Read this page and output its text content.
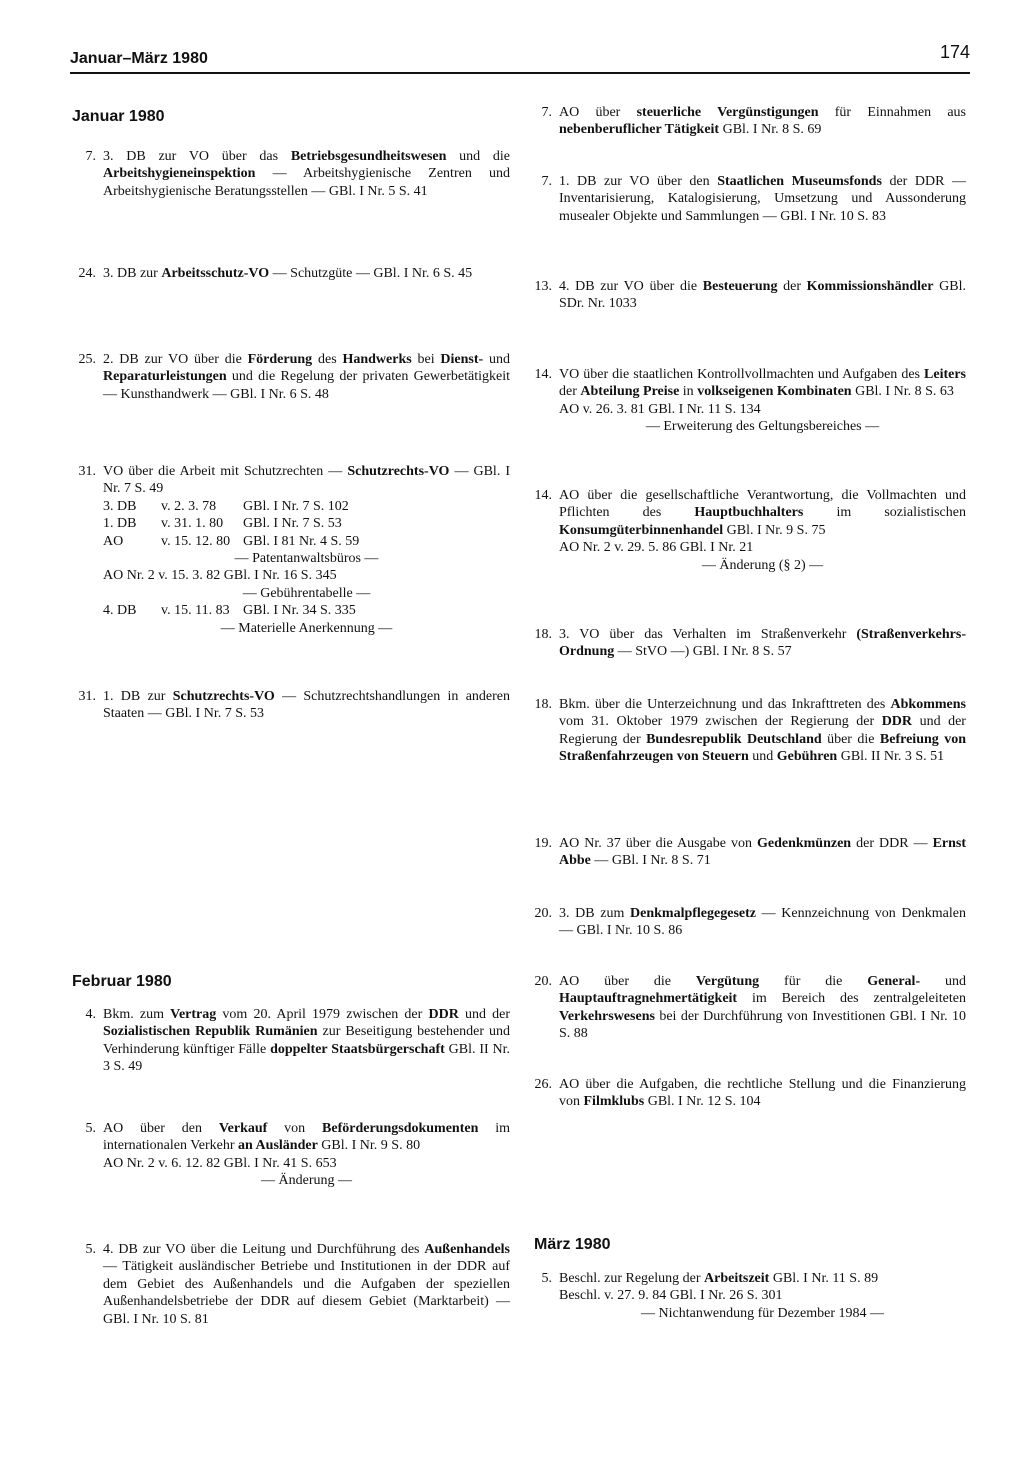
Januar–März 1980	174
Januar 1980
7. 3. DB zur VO über das Betriebsgesundheitswesen und die Arbeitshygieneinspektion — Arbeitshygienische Zentren und Arbeitshygienische Beratungsstellen — GBl. I Nr. 5 S. 41
24. 3. DB zur Arbeitsschutz-VO — Schutzgüte — GBl. I Nr. 6 S. 45
25. 2. DB zur VO über die Förderung des Handwerks bei Dienst- und Reparaturleistungen und die Regelung der privaten Gewerbetätigkeit — Kunsthandwerk — GBl. I Nr. 6 S. 48
31. VO über die Arbeit mit Schutzrechten — Schutzrechts-VO — GBl. I Nr. 7 S. 49
3. DB	v. 2. 3. 78	GBl. I Nr. 7 S. 102
1. DB	v. 31. 1. 80	GBl. I Nr. 7 S. 53
AO	v. 15. 12. 80 GBl. I 81 Nr. 4 S. 59
— Patentanwaltsbüros —
AO Nr. 2 v. 15. 3. 82 GBl. I Nr. 16 S. 345
— Gebührentabelle —
4. DB	v. 15. 11. 83 GBl. I Nr. 34 S. 335
— Materielle Anerkennung —
31. 1. DB zur Schutzrechts-VO — Schutzrechtshandlungen in anderen Staaten — GBl. I Nr. 7 S. 53
Februar 1980
4. Bkm. zum Vertrag vom 20. April 1979 zwischen der DDR und der Sozialistischen Republik Rumänien zur Beseitigung bestehender und Verhinderung künftiger Fälle doppelter Staatsbürgerschaft GBl. II Nr. 3 S. 49
5. AO über den Verkauf von Beförderungsdokumenten im internationalen Verkehr an Ausländer GBl. I Nr. 9 S. 80
AO Nr. 2 v. 6. 12. 82 GBl. I Nr. 41 S. 653
— Änderung —
5. 4. DB zur VO über die Leitung und Durchführung des Außenhandels — Tätigkeit ausländischer Betriebe und Institutionen in der DDR auf dem Gebiet des Außenhandels und die Aufgaben der speziellen Außenhandelsbetriebe der DDR auf diesem Gebiet (Marktarbeit) — GBl. I Nr. 10 S. 81
7. AO über steuerliche Vergünstigungen für Einnahmen aus nebenberuflicher Tätigkeit GBl. I Nr. 8 S. 69
7. 1. DB zur VO über den Staatlichen Museumsfonds der DDR — Inventarisierung, Katalogisierung, Umsetzung und Aussonderung musealer Objekte und Sammlungen — GBl. I Nr. 10 S. 83
13. 4. DB zur VO über die Besteuerung der Kommissionshändler GBl. SDr. Nr. 1033
14. VO über die staatlichen Kontrollvollmachten und Aufgaben des Leiters der Abteilung Preise in volkseigenen Kombinaten GBl. I Nr. 8 S. 63
AO v. 26. 3. 81 GBl. I Nr. 11 S. 134
— Erweiterung des Geltungsbereiches —
14. AO über die gesellschaftliche Verantwortung, die Vollmachten und Pflichten des Hauptbuchhalters im sozialistischen Konsumgüterbinnenhandel GBl. I Nr. 9 S. 75
AO Nr. 2 v. 29. 5. 86 GBl. I Nr. 21
— Änderung (§ 2) —
18. 3. VO über das Verhalten im Straßenverkehr (Straßenverkehrs-Ordnung — StVO —) GBl. I Nr. 8 S. 57
18. Bkm. über die Unterzeichnung und das Inkrafttreten des Abkommens vom 31. Oktober 1979 zwischen der Regierung der DDR und der Regierung der Bundesrepublik Deutschland über die Befreiung von Straßenfahrzeugen von Steuern und Gebühren GBl. II Nr. 3 S. 51
19. AO Nr. 37 über die Ausgabe von Gedenkmünzen der DDR — Ernst Abbe — GBl. I Nr. 8 S. 71
20. 3. DB zum Denkmalpflegegesetz — Kennzeichnung von Denkmalen — GBl. I Nr. 10 S. 86
20. AO über die Vergütung für die General- und Hauptauftragnehmertätigkeit im Bereich des zentralgeleiteten Verkehrswesens bei der Durchführung von Investitionen GBl. I Nr. 10 S. 88
26. AO über die Aufgaben, die rechtliche Stellung und die Finanzierung von Filmklubs GBl. I Nr. 12 S. 104
März 1980
5. Beschl. zur Regelung der Arbeitszeit GBl. I Nr. 11 S. 89
Beschl. v. 27. 9. 84 GBl. I Nr. 26 S. 301
— Nichtanwendung für Dezember 1984 —
